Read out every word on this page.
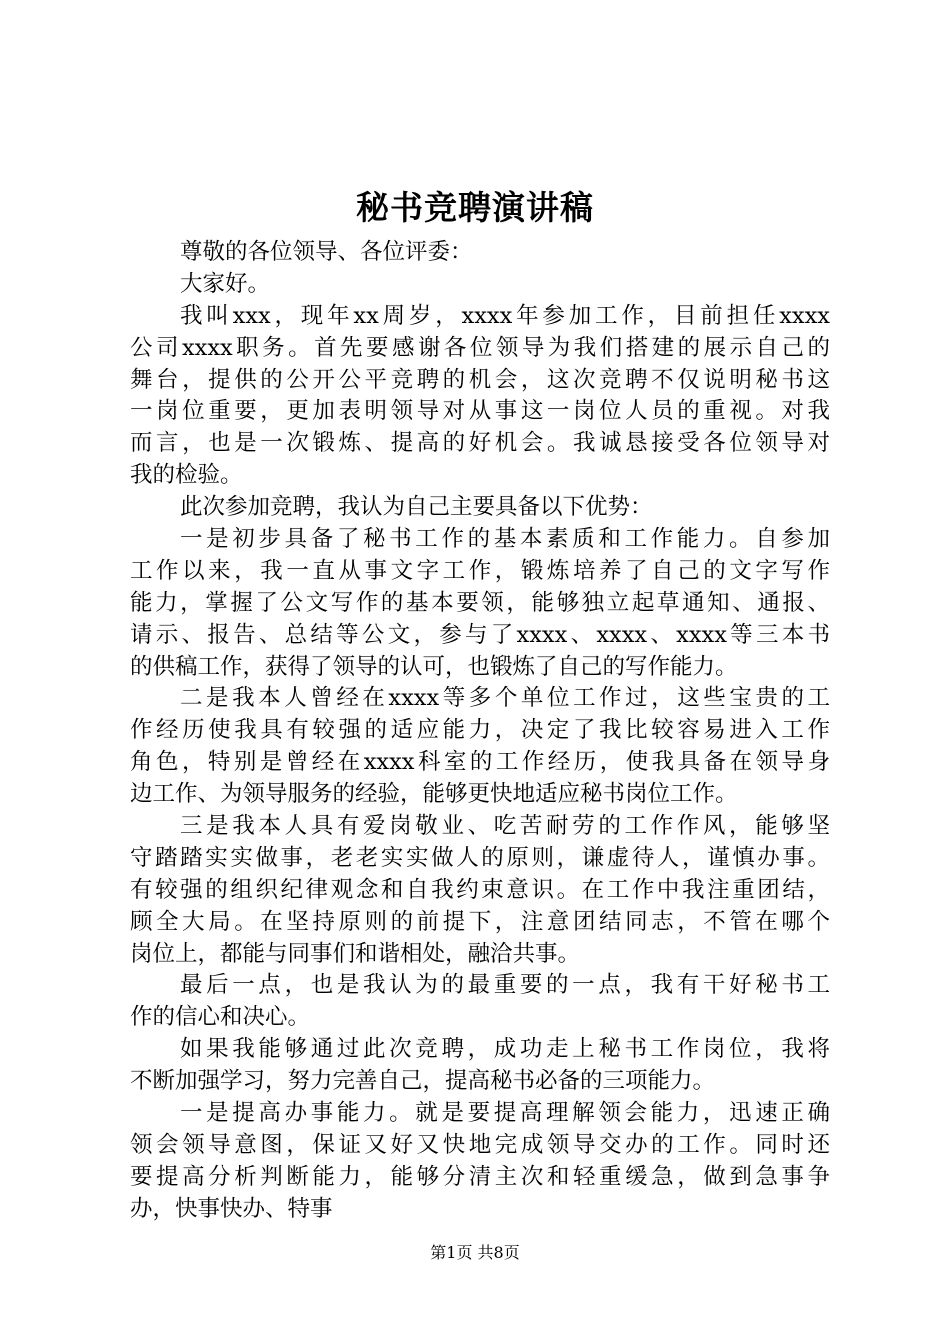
秘书竞聘演讲稿
尊敬的各位领导、各位评委：
大家好。
我叫xxx，现年xx周岁，xxxx年参加工作，目前担任xxxx
公司xxxx职务。首先要感谢各位领导为我们搭建的展示自己的
舞台，提供的公开公平竞聘的机会，这次竞聘不仅说明秘书这
一岗位重要，更加表明领导对从事这一岗位人员的重视。对我
而言，也是一次锻炼、提高的好机会。我诚恳接受各位领导对
我的检验。
此次参加竞聘，我认为自己主要具备以下优势：
一是初步具备了秘书工作的基本素质和工作能力。自参加
工作以来，我一直从事文字工作，锻炼培养了自己的文字写作
能力，掌握了公文写作的基本要领，能够独立起草通知、通报、
请示、报告、总结等公文，参与了xxxx、xxxx、xxxx等三本书
的供稿工作，获得了领导的认可，也锻炼了自己的写作能力。
二是我本人曾经在xxxx等多个单位工作过，这些宝贵的工
作经历使我具有较强的适应能力，决定了我比较容易进入工作
角色，特别是曾经在xxxx科室的工作经历，使我具备在领导身
边工作、为领导服务的经验，能够更快地适应秘书岗位工作。
三是我本人具有爱岗敬业、吃苦耐劳的工作作风，能够坚
守踏踏实实做事，老老实实做人的原则，谦虚待人，谨慎办事。
有较强的组织纪律观念和自我约束意识。在工作中我注重团结，
顾全大局。在坚持原则的前提下，注意团结同志，不管在哪个
岗位上，都能与同事们和谐相处，融洽共事。
最后一点，也是我认为的最重要的一点，我有干好秘书工
作的信心和决心。
如果我能够通过此次竞聘，成功走上秘书工作岗位，我将
不断加强学习，努力完善自己，提高秘书必备的三项能力。
一是提高办事能力。就是要提高理解领会能力，迅速正确
领会领导意图，保证又好又快地完成领导交办的工作。同时还
要提高分析判断能力，能够分清主次和轻重缓急，做到急事争
办，快事快办、特事
第1页 共8页
